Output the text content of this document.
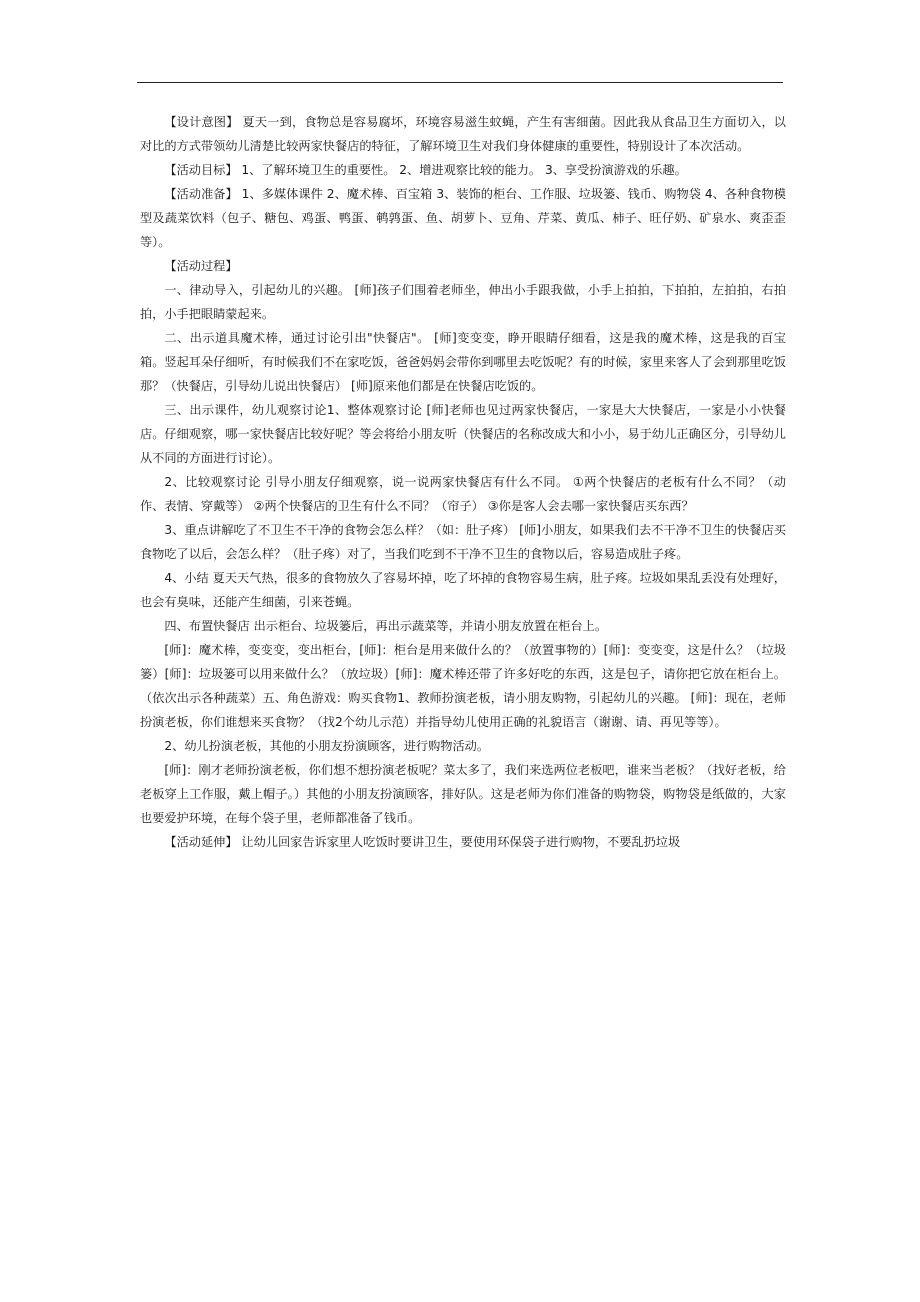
【设计意图】 夏天一到，食物总是容易腐坏，环境容易滋生蚊蝇，产生有害细菌。因此我从食品卫生方面切入，以对比的方式带领幼儿清楚比较两家快餐店的特征，了解环境卫生对我们身体健康的重要性，特别设计了本次活动。

【活动目标】 1、了解环境卫生的重要性。 2、增进观察比较的能力。 3、享受扮演游戏的乐趣。

【活动准备】 1、多媒体课件 2、魔术棒、百宝箱 3、装饰的柜台、工作服、垃圾篓、钱币、购物袋 4、各种食物模型及蔬菜饮料（包子、糖包、鸡蛋、鸭蛋、鹌鹑蛋、鱼、胡萝卜、豆角、芹菜、黄瓜、柿子、旺仔奶、矿泉水、爽歪歪等）。

【活动过程】

一、律动导入，引起幼儿的兴趣。 [师]孩子们围着老师坐，伸出小手跟我做，小手上拍拍，下拍拍，左拍拍，右拍拍，小手把眼睛蒙起来。

二、出示道具魔术棒，通过讨论引出"快餐店"。 [师]变变变，睁开眼睛仔细看，这是我的魔术棒，这是我的百宝箱。竖起耳朵仔细听，有时候我们不在家吃饭，爸爸妈妈会带你到哪里去吃饭呢？有的时候，家里来客人了会到那里吃饭那？（快餐店，引导幼儿说出快餐店） [师]原来他们都是在快餐店吃饭的。

三、出示课件，幼儿观察讨论1、整体观察讨论 [师]老师也见过两家快餐店，一家是大大快餐店，一家是小小快餐店。仔细观察，哪一家快餐店比较好呢？等会将给小朋友听（快餐店的名称改成大和小小，易于幼儿正确区分，引导幼儿从不同的方面进行讨论）。

2、比较观察讨论 引导小朋友仔细观察，说一说两家快餐店有什么不同。 ①两个快餐店的老板有什么不同？（动作、表情、穿戴等） ②两个快餐店的卫生有什么不同？（帘子） ③你是客人会去哪一家快餐店买东西？

3、重点讲解吃了不卫生不干净的食物会怎么样？（如：肚子疼） [师]小朋友，如果我们去不干净不卫生的快餐店买食物吃了以后，会怎么样？（肚子疼）对了，当我们吃到不干净不卫生的食物以后，容易造成肚子疼。

4、小结 夏天天气热，很多的食物放久了容易坏掉，吃了坏掉的食物容易生病，肚子疼。垃圾如果乱丢没有处理好，也会有臭味，还能产生细菌，引来苍蝇。

四、布置快餐店 出示柜台、垃圾篓后，再出示蔬菜等，并请小朋友放置在柜台上。

[师]：魔术棒，变变变，变出柜台，[师]：柜台是用来做什么的？（放置事物的）[师]：变变变，这是什么？（垃圾篓）[师]：垃圾篓可以用来做什么？（放垃圾）[师]：魔术棒还带了许多好吃的东西，这是包子，请你把它放在柜台上。（依次出示各种蔬菜）五、角色游戏：购买食物1、教师扮演老板，请小朋友购物，引起幼儿的兴趣。 [师]：现在，老师扮演老板，你们谁想来买食物？（找2个幼儿示范）并指导幼儿使用正确的礼貌语言（谢谢、请、再见等等）。

2、幼儿扮演老板，其他的小朋友扮演顾客，进行购物活动。

[师]：刚才老师扮演老板，你们想不想扮演老板呢？菜太多了，我们来选两位老板吧，谁来当老板？（找好老板，给老板穿上工作服，戴上帽子。）其他的小朋友扮演顾客，排好队。这是老师为你们准备的购物袋，购物袋是纸做的，大家也要爱护环境，在每个袋子里，老师都准备了钱币。

【活动延伸】 让幼儿回家告诉家里人吃饭时要讲卫生，要使用环保袋子进行购物，不要乱扔垃圾
